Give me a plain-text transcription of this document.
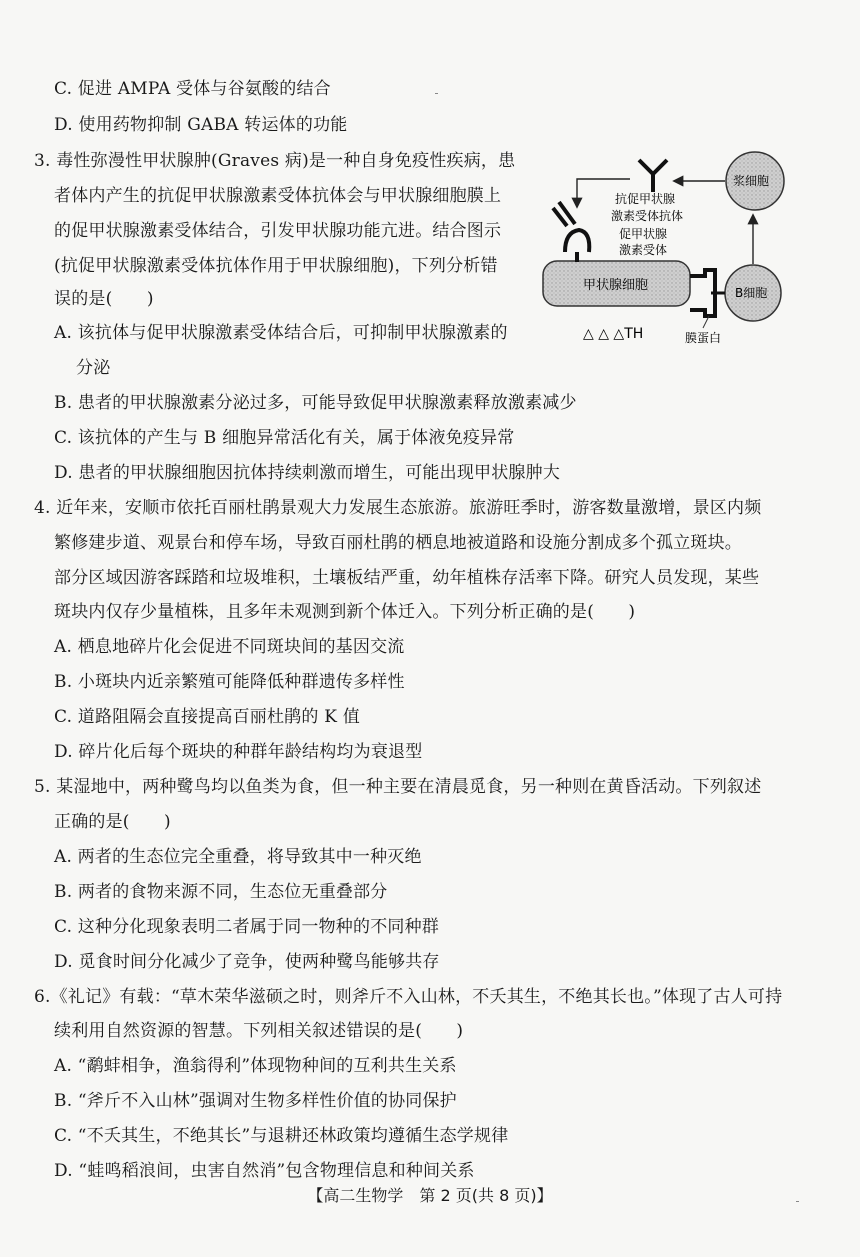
C. 促进 AMPA 受体与谷氨酸的结合
D. 使用药物抑制 GABA 转运体的功能
3. 毒性弥漫性甲状腺肿(Graves 病)是一种自身免疫性疾病，患
者体内产生的抗促甲状腺激素受体抗体会与甲状腺细胞膜上
的促甲状腺激素受体结合，引发甲状腺功能亢进。结合图示
(抗促甲状腺激素受体抗体作用于甲状腺细胞)，下列分析错
误的是(　　)
A. 该抗体与促甲状腺激素受体结合后，可抑制甲状腺激素的
分泌
B. 患者的甲状腺激素分泌过多，可能导致促甲状腺激素释放激素减少
C. 该抗体的产生与 B 细胞异常活化有关，属于体液免疫异常
D. 患者的甲状腺细胞因抗体持续刺激而增生，可能出现甲状腺肿大
抗促甲状腺
激素受体抗体
促甲状腺
激素受体
甲状腺细胞
浆细胞
B细胞
△ △ △TH	膜蛋白
4. 近年来，安顺市依托百丽杜鹃景观大力发展生态旅游。旅游旺季时，游客数量激增，景区内频
繁修建步道、观景台和停车场，导致百丽杜鹃的栖息地被道路和设施分割成多个孤立斑块。
部分区域因游客踩踏和垃圾堆积，土壤板结严重，幼年植株存活率下降。研究人员发现，某些
斑块内仅存少量植株，且多年未观测到新个体迁入。下列分析正确的是(　　)
A. 栖息地碎片化会促进不同斑块间的基因交流
B. 小斑块内近亲繁殖可能降低种群遗传多样性
C. 道路阻隔会直接提高百丽杜鹃的 K 值
D. 碎片化后每个斑块的种群年龄结构均为衰退型
5. 某湿地中，两种鹭鸟均以鱼类为食，但一种主要在清晨觅食，另一种则在黄昏活动。下列叙述
正确的是(　　)
A. 两者的生态位完全重叠，将导致其中一种灭绝
B. 两者的食物来源不同，生态位无重叠部分
C. 这种分化现象表明二者属于同一物种的不同种群
D. 觅食时间分化减少了竞争，使两种鹭鸟能够共存
6.《礼记》有载：“草木荣华滋硕之时，则斧斤不入山林，不夭其生，不绝其长也。”体现了古人可持
续利用自然资源的智慧。下列相关叙述错误的是(　　)
A. “鹬蚌相争，渔翁得利”体现物种间的互利共生关系
B. “斧斤不入山林”强调对生物多样性价值的协同保护
C. “不夭其生，不绝其长”与退耕还林政策均遵循生态学规律
D. “蛙鸣稻浪间，虫害自然消”包含物理信息和种间关系
【高二生物学　第 2 页(共 8 页)】
